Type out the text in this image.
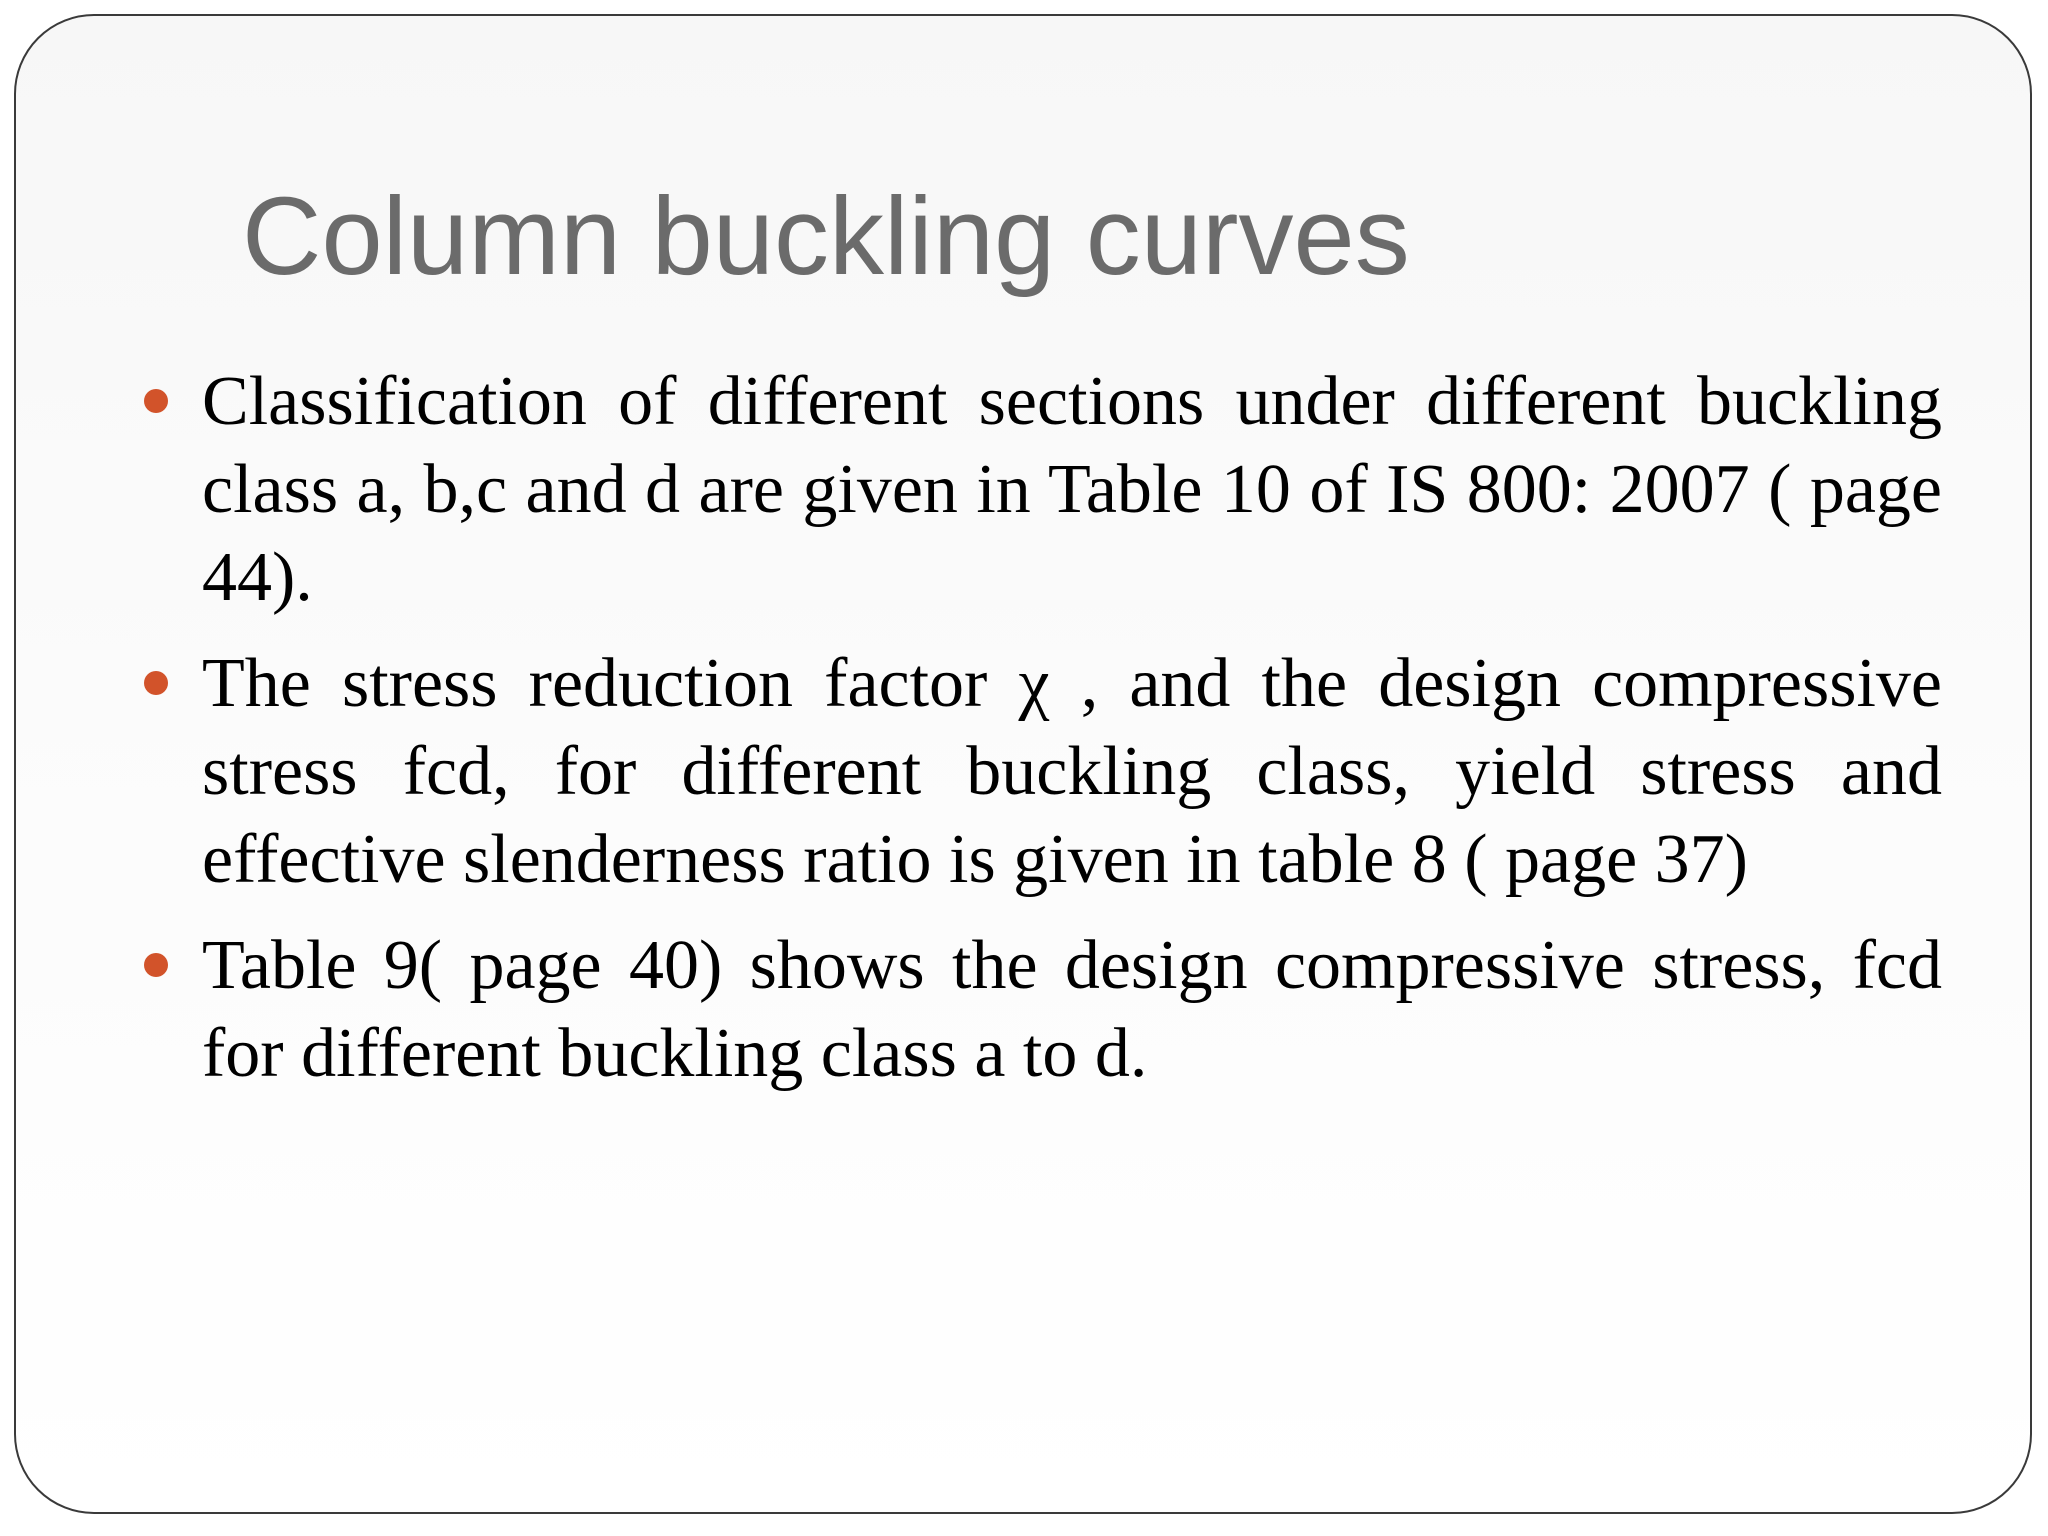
Column buckling curves
Classification of different sections under different buckling class a, b,c and d are given in Table 10 of IS 800: 2007 ( page 44).
The stress reduction factor χ , and the design compressive stress fcd, for different buckling class, yield stress and effective slenderness ratio is given in table 8 ( page 37)
Table 9( page 40) shows the design compressive stress, fcd for different buckling class a to d.
